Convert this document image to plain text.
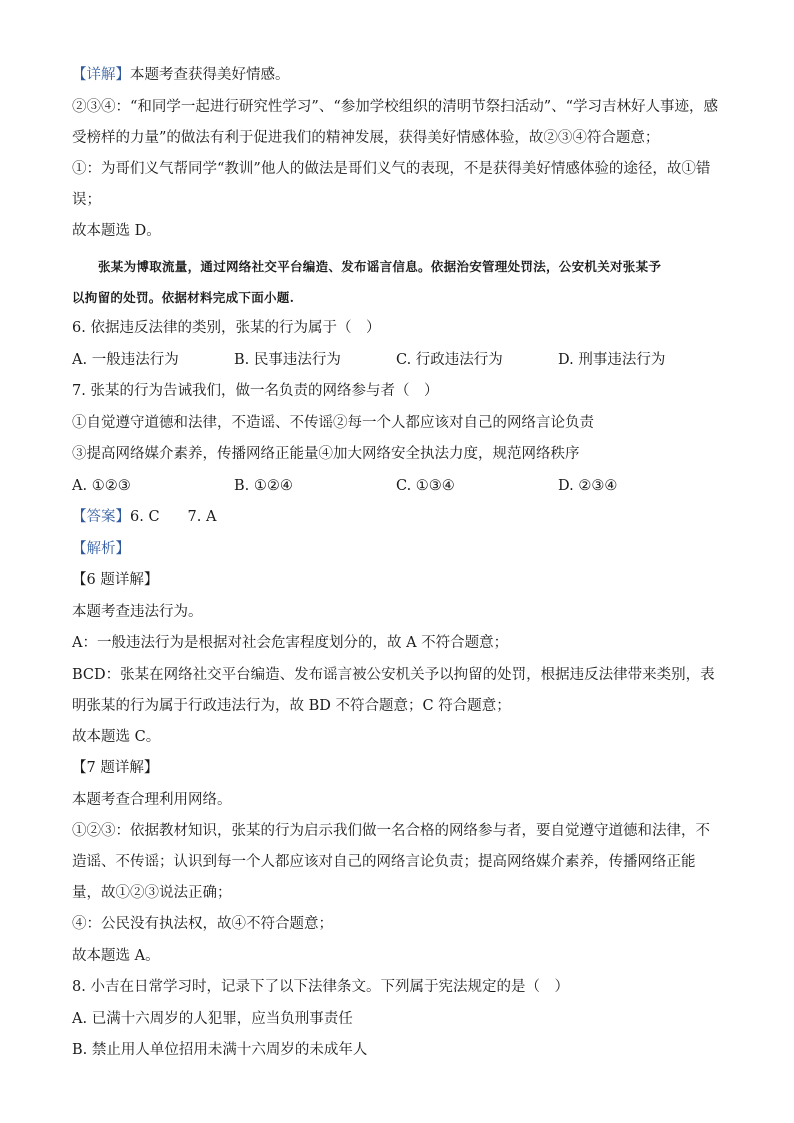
【详解】本题考查获得美好情感。
②③④：“和同学一起进行研究性学习”、“参加学校组织的清明节祭扫活动”、“学习吉林好人事迹，感受榜样的力量”的做法有利于促进我们的精神发展，获得美好情感体验，故②③④符合题意；
①：为哥们义气帮同学“教训”他人的做法是哥们义气的表现，不是获得美好情感体验的途径，故①错误；
故本题选 D。
张某为博取流量，通过网络社交平台编造、发布谣言信息。依据治安管理处罚法，公安机关对张某予
以拘留的处罚。依据材料完成下面小题.
6. 依据违反法律的类别，张某的行为属于（　）
A. 一般违法行为	B. 民事违法行为	C. 行政违法行为	D. 刑事违法行为
7. 张某的行为告诫我们，做一名负责的网络参与者（　）
①自觉遵守道德和法律，不造谣、不传谣②每一个人都应该对自己的网络言论负责
③提高网络媒介素养，传播网络正能量④加大网络安全执法力度，规范网络秩序
A. ①②③	B. ①②④	C. ①③④	D. ②③④
【答案】6. C 7. A
【解析】
【6 题详解】
本题考查违法行为。
A：一般违法行为是根据对社会危害程度划分的，故 A 不符合题意；
BCD：张某在网络社交平台编造、发布谣言被公安机关予以拘留的处罚，根据违反法律带来类别，表明张某的行为属于行政违法行为，故 BD 不符合题意；C 符合题意；
故本题选 C。
【7 题详解】
本题考查合理利用网络。
①②③：依据教材知识，张某的行为启示我们做一名合格的网络参与者，要自觉遵守道德和法律，不造谣、不传谣；认识到每一个人都应该对自己的网络言论负责；提高网络媒介素养，传播网络正能量，故①②③说法正确；
④：公民没有执法权，故④不符合题意；
故本题选 A。
8. 小吉在日常学习时，记录下了以下法律条文。下列属于宪法规定的是（　）
A. 已满十六周岁的人犯罪，应当负刑事责任
B. 禁止用人单位招用未满十六周岁的未成年人
